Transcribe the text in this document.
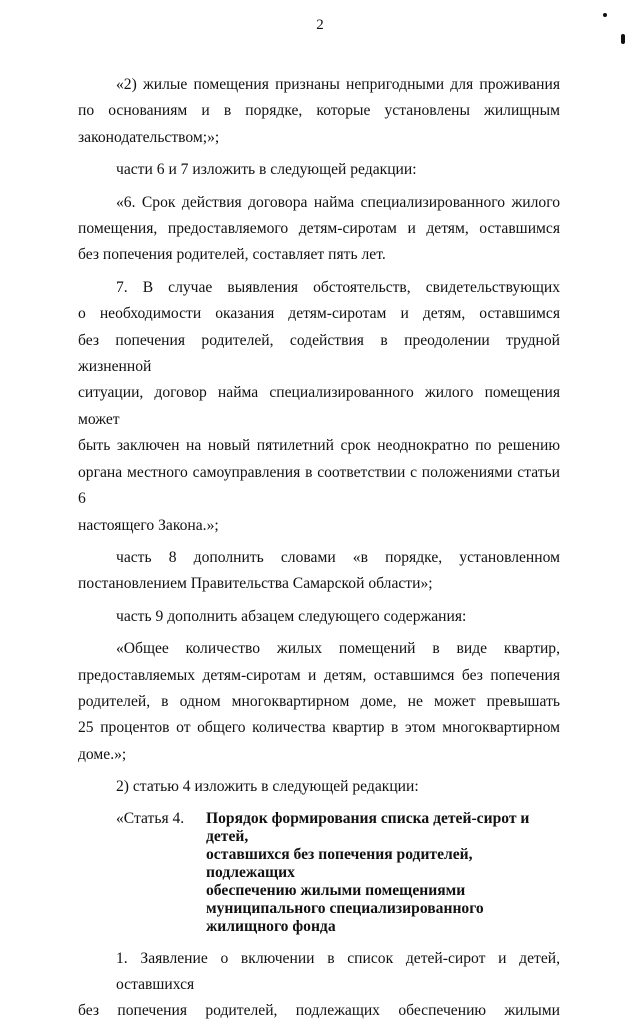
2
«2) жилые помещения признаны непригодными для проживания
по основаниям и в порядке, которые установлены жилищным
законодательством;»;
части 6 и 7 изложить в следующей редакции:
«6. Срок действия договора найма специализированного жилого
помещения, предоставляемого детям-сиротам и детям, оставшимся
без попечения родителей, составляет пять лет.
7. В случае выявления обстоятельств, свидетельствующих
о необходимости оказания детям-сиротам и детям, оставшимся
без попечения родителей, содействия в преодолении трудной жизненной
ситуации, договор найма специализированного жилого помещения может
быть заключен на новый пятилетний срок неоднократно по решению
органа местного самоуправления в соответствии с положениями статьи 6
настоящего Закона.»;
часть 8 дополнить словами «в порядке, установленном
постановлением Правительства Самарской области»;
часть 9 дополнить абзацем следующего содержания:
«Общее количество жилых помещений в виде квартир,
предоставляемых детям-сиротам и детям, оставшимся без попечения
родителей, в одном многоквартирном доме, не может превышать
25 процентов от общего количества квартир в этом многоквартирном
доме.»;
2) статью 4 изложить в следующей редакции:
«Статья 4.	Порядок формирования списка детей-сирот и детей,
оставшихся без попечения родителей, подлежащих
обеспечению жилыми помещениями
муниципального специализированного
жилищного фонда
1. Заявление о включении в список детей-сирот и детей, оставшихся
без попечения родителей, подлежащих обеспечению жилыми
